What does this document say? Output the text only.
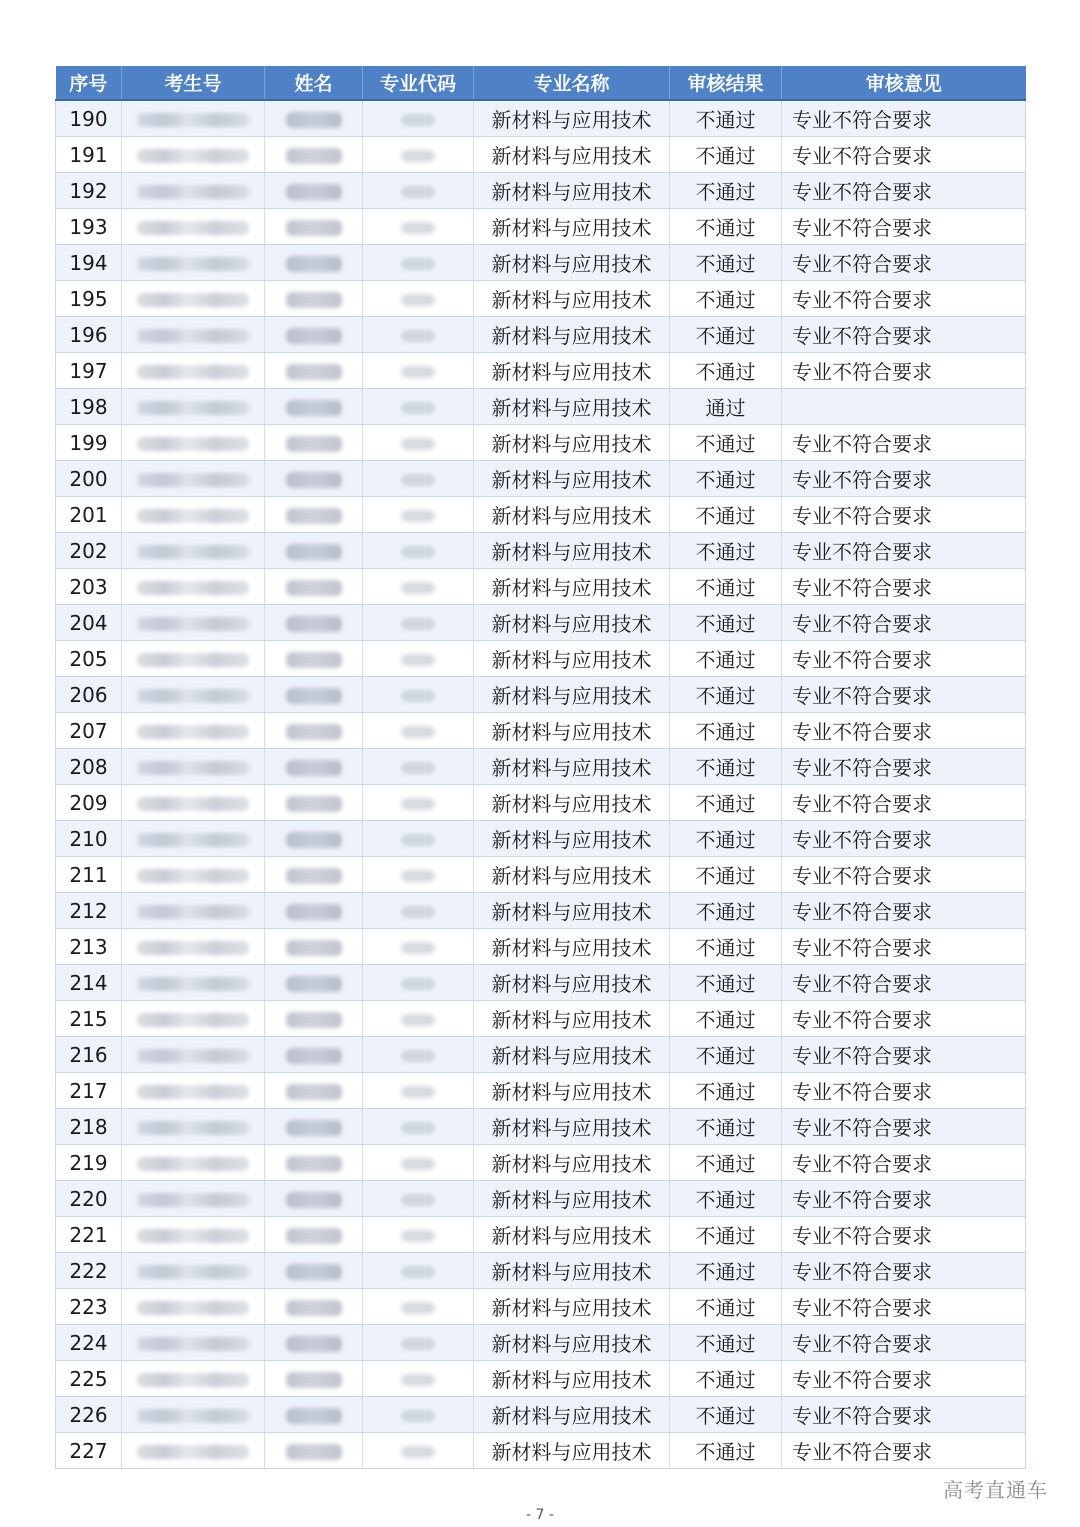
序号	考生号	姓名	专业代码	专业名称	审核结果	审核意见
190				新材料与应用技术	不通过	专业不符合要求
191				新材料与应用技术	不通过	专业不符合要求
192				新材料与应用技术	不通过	专业不符合要求
193				新材料与应用技术	不通过	专业不符合要求
194				新材料与应用技术	不通过	专业不符合要求
195				新材料与应用技术	不通过	专业不符合要求
196				新材料与应用技术	不通过	专业不符合要求
197				新材料与应用技术	不通过	专业不符合要求
198				新材料与应用技术	通过	
199				新材料与应用技术	不通过	专业不符合要求
200				新材料与应用技术	不通过	专业不符合要求
201				新材料与应用技术	不通过	专业不符合要求
202				新材料与应用技术	不通过	专业不符合要求
203				新材料与应用技术	不通过	专业不符合要求
204				新材料与应用技术	不通过	专业不符合要求
205				新材料与应用技术	不通过	专业不符合要求
206				新材料与应用技术	不通过	专业不符合要求
207				新材料与应用技术	不通过	专业不符合要求
208				新材料与应用技术	不通过	专业不符合要求
209				新材料与应用技术	不通过	专业不符合要求
210				新材料与应用技术	不通过	专业不符合要求
211				新材料与应用技术	不通过	专业不符合要求
212				新材料与应用技术	不通过	专业不符合要求
213				新材料与应用技术	不通过	专业不符合要求
214				新材料与应用技术	不通过	专业不符合要求
215				新材料与应用技术	不通过	专业不符合要求
216				新材料与应用技术	不通过	专业不符合要求
217				新材料与应用技术	不通过	专业不符合要求
218				新材料与应用技术	不通过	专业不符合要求
219				新材料与应用技术	不通过	专业不符合要求
220				新材料与应用技术	不通过	专业不符合要求
221				新材料与应用技术	不通过	专业不符合要求
222				新材料与应用技术	不通过	专业不符合要求
223				新材料与应用技术	不通过	专业不符合要求
224				新材料与应用技术	不通过	专业不符合要求
225				新材料与应用技术	不通过	专业不符合要求
226				新材料与应用技术	不通过	专业不符合要求
227				新材料与应用技术	不通过	专业不符合要求
高考直通车
- 7 -
